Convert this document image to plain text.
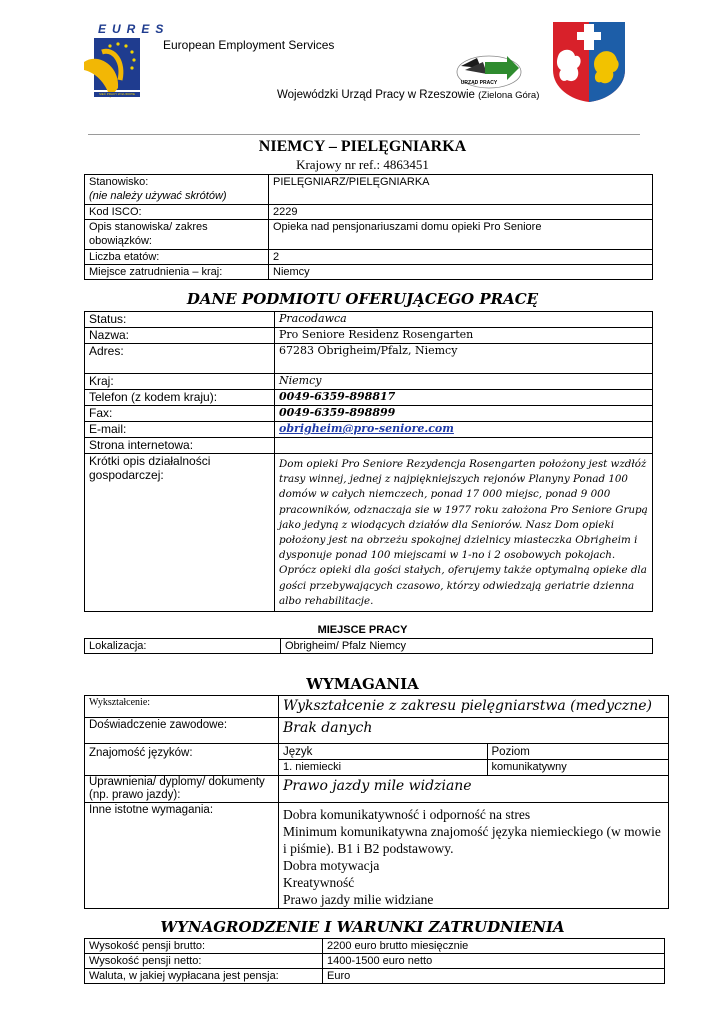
EURES
SIEĆ PRACY W EUROPIE
European Employment Services
URZĄD PRACY
Wojewódzki Urząd Pracy w Rzeszowie (Zielona Góra)
NIEMCY – PIELĘGNIARKA
Krajowy nr ref.: 4863451
Stanowisko:
(nie należy używać skrótów)	PIELĘGNIARZ/PIELĘGNIARKA
Kod ISCO:	2229
Opis stanowiska/ zakres obowiązków:	Opieka nad pensjonariuszami domu opieki Pro Seniore
Liczba etatów:	2
Miejsce zatrudnienia – kraj:	Niemcy
DANE PODMIOTU OFERUJĄCEGO PRACĘ
Status:	Pracodawca
Nazwa:	Pro Seniore Residenz Rosengarten
Adres:	67283 Obrigheim/Pfalz, Niemcy
Kraj:	Niemcy
Telefon (z kodem kraju):	0049-6359-898817
Fax:	0049-6359-898899
E-mail:	obrigheim@pro-seniore.com
Strona internetowa:	
Krótki opis działalności gospodarczej:	Dom opieki Pro Seniore Rezydencja Rosengarten położony jest wzdłóż trasy winnej, jednej z najpiękniejszych rejonów Planyny Ponad 100 domów w całych niemczech, ponad 17 000 miejsc, ponad 9 000 pracowników, odznaczaja sie w 1977 roku założona Pro Seniore Grupą jako jedyną z wiodących działów dla Seniorów. Nasz Dom opieki położony jest na obrzeżu spokojnej dzielnicy miasteczka Obrigheim i dysponuje ponad 100 miejscami w 1-no i 2 osobowych pokojach. Oprócz opieki dla gości stałych, oferujemy także optymalną opieke dla gości przebywających czasowo, którzy odwiedzają geriatrie dzienna albo rehabilitacje.
MIEJSCE PRACY
Lokalizacja:	Obrigheim/ Pfalz Niemcy
WYMAGANIA
Wykształcenie:	Wykształcenie z zakresu pielęgniarstwa (medyczne)
Doświadczenie zawodowe:	Brak danych
Znajomość języków:		Język	Poziom
1. niemiecki	komunikatywny

Uprawnienia/ dyplomy/ dokumenty
(np. prawo jazdy):
	Prawo jazdy mile widziane
Inne istotne wymagania:	Dobra komunikatywność i odporność na stres
Minimum komunikatywna znajomość języka niemieckiego (w mowie i piśmie). B1 i B2 podstawowy.
Dobra motywacja
Kreatywność
Prawo jazdy milie widziane
WYNAGRODZENIE I WARUNKI ZATRUDNIENIA
Wysokość pensji brutto:	2200 euro brutto miesięcznie
Wysokość pensji netto:	1400-1500 euro netto
Waluta, w jakiej wypłacana jest pensja:	Euro
